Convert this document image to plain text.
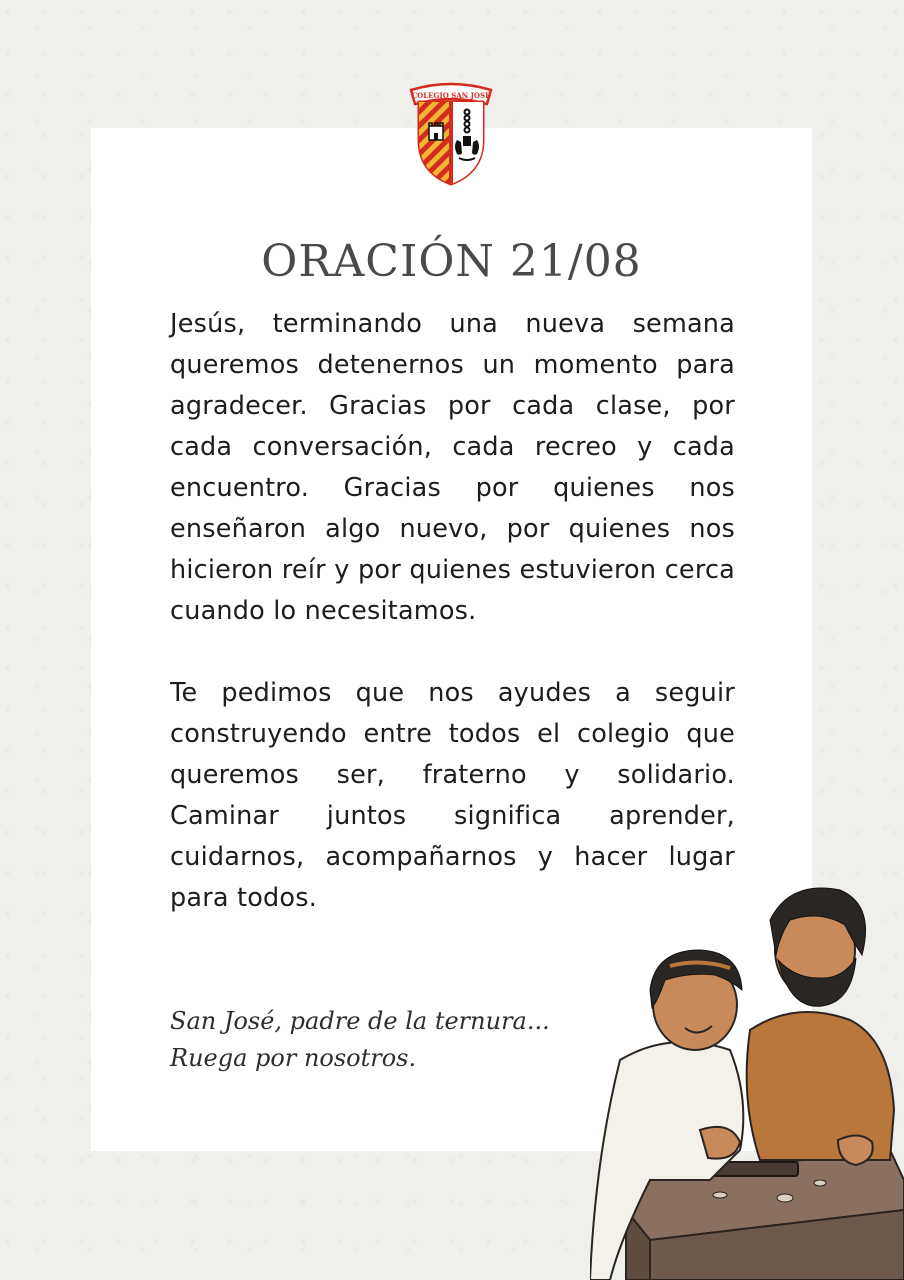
COLEGIO SAN JOSE
ORACIÓN 21/08

Jesús, terminando una nueva semana queremos detenernos un momento para agradecer. Gracias por cada clase, por cada conversación, cada recreo y cada encuentro. Gracias por quienes nos enseñaron algo nuevo, por quienes nos hicieron reír y por quienes estuvieron cerca cuando lo necesitamos.

Te pedimos que nos ayudes a seguir construyendo entre todos el colegio que queremos ser, fraterno y solidario. Caminar juntos significa aprender, cuidarnos, acompañarnos y hacer lugar para todos.

San José, padre de la ternura...
Ruega por nosotros.
